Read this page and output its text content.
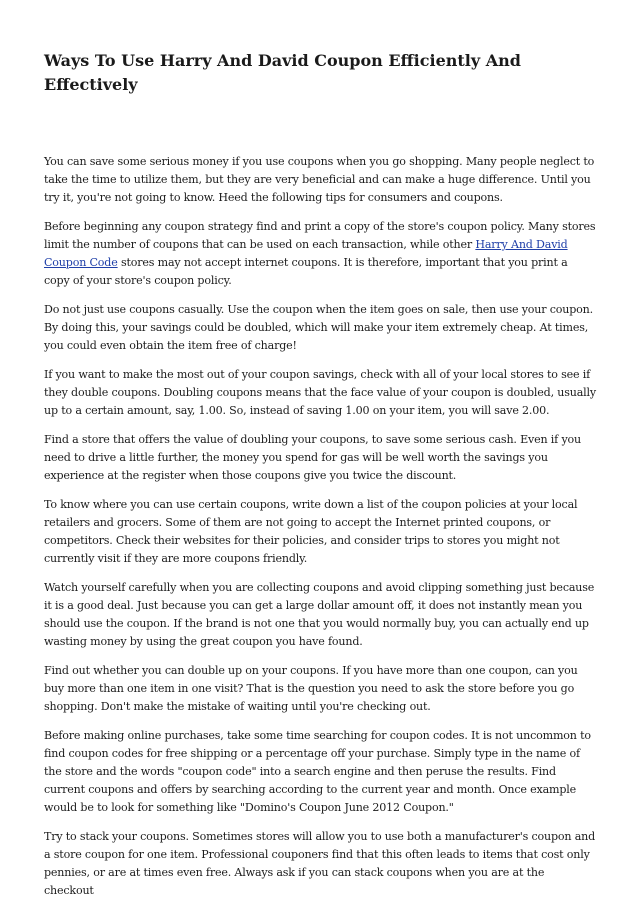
Ways To Use Harry And David Coupon Efficiently And Effectively

You can save some serious money if you use coupons when you go shopping. Many people neglect to take the time to utilize them, but they are very beneficial and can make a huge difference. Until you try it, you're not going to know. Heed the following tips for consumers and coupons.

Before beginning any coupon strategy find and print a copy of the store's coupon policy. Many stores limit the number of coupons that can be used on each transaction, while other Harry And David Coupon Code stores may not accept internet coupons. It is therefore, important that you print a copy of your store's coupon policy.

Do not just use coupons casually. Use the coupon when the item goes on sale, then use your coupon. By doing this, your savings could be doubled, which will make your item extremely cheap. At times, you could even obtain the item free of charge!

If you want to make the most out of your coupon savings, check with all of your local stores to see if they double coupons. Doubling coupons means that the face value of your coupon is doubled, usually up to a certain amount, say, 1.00. So, instead of saving 1.00 on your item, you will save 2.00.

Find a store that offers the value of doubling your coupons, to save some serious cash. Even if you need to drive a little further, the money you spend for gas will be well worth the savings you experience at the register when those coupons give you twice the discount.

To know where you can use certain coupons, write down a list of the coupon policies at your local retailers and grocers. Some of them are not going to accept the Internet printed coupons, or competitors. Check their websites for their policies, and consider trips to stores you might not currently visit if they are more coupons friendly.

Watch yourself carefully when you are collecting coupons and avoid clipping something just because it is a good deal. Just because you can get a large dollar amount off, it does not instantly mean you should use the coupon. If the brand is not one that you would normally buy, you can actually end up wasting money by using the great coupon you have found.

Find out whether you can double up on your coupons. If you have more than one coupon, can you buy more than one item in one visit? That is the question you need to ask the store before you go shopping. Don't make the mistake of waiting until you're checking out.

Before making online purchases, take some time searching for coupon codes. It is not uncommon to find coupon codes for free shipping or a percentage off your purchase. Simply type in the name of the store and the words "coupon code" into a search engine and then peruse the results. Find current coupons and offers by searching according to the current year and month. Once example would be to look for something like "Domino's Coupon June 2012 Coupon."

Try to stack your coupons. Sometimes stores will allow you to use both a manufacturer's coupon and a store coupon for one item. Professional couponers find that this often leads to items that cost only pennies, or are at times even free. Always ask if you can stack coupons when you are at the checkout
